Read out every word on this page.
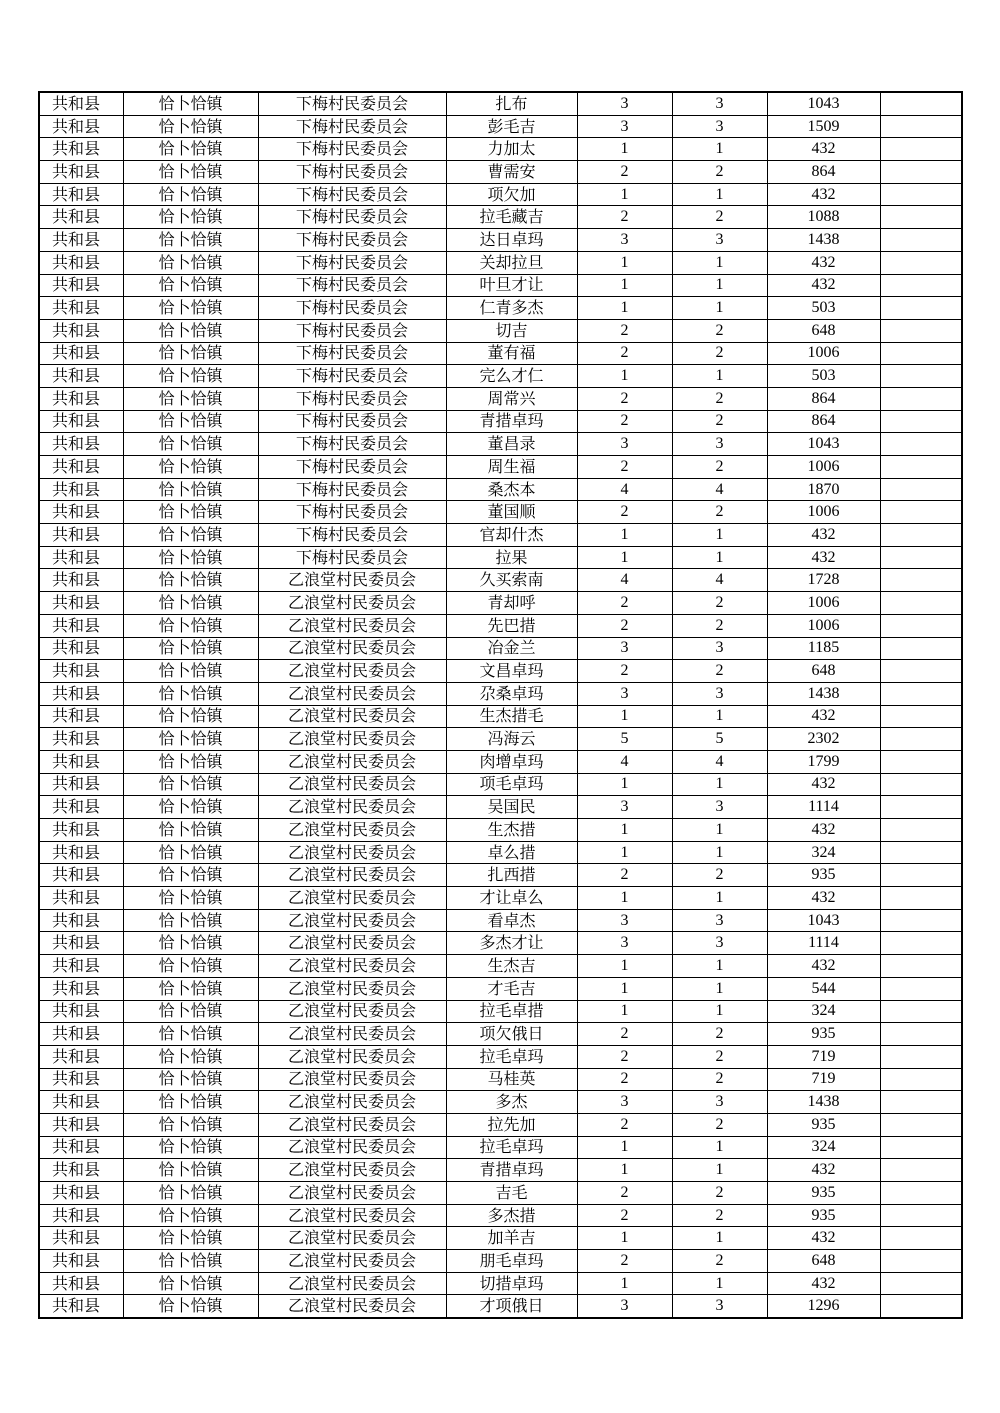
共和县	恰卜恰镇	下梅村民委员会	扎布	3	3	1043	
共和县	恰卜恰镇	下梅村民委员会	彭毛吉	3	3	1509	
共和县	恰卜恰镇	下梅村民委员会	力加太	1	1	432	
共和县	恰卜恰镇	下梅村民委员会	曹需安	2	2	864	
共和县	恰卜恰镇	下梅村民委员会	项欠加	1	1	432	
共和县	恰卜恰镇	下梅村民委员会	拉毛藏吉	2	2	1088	
共和县	恰卜恰镇	下梅村民委员会	达日卓玛	3	3	1438	
共和县	恰卜恰镇	下梅村民委员会	关却拉旦	1	1	432	
共和县	恰卜恰镇	下梅村民委员会	叶旦才让	1	1	432	
共和县	恰卜恰镇	下梅村民委员会	仁青多杰	1	1	503	
共和县	恰卜恰镇	下梅村民委员会	切吉	2	2	648	
共和县	恰卜恰镇	下梅村民委员会	董有福	2	2	1006	
共和县	恰卜恰镇	下梅村民委员会	完么才仁	1	1	503	
共和县	恰卜恰镇	下梅村民委员会	周常兴	2	2	864	
共和县	恰卜恰镇	下梅村民委员会	青措卓玛	2	2	864	
共和县	恰卜恰镇	下梅村民委员会	董昌录	3	3	1043	
共和县	恰卜恰镇	下梅村民委员会	周生福	2	2	1006	
共和县	恰卜恰镇	下梅村民委员会	桑杰本	4	4	1870	
共和县	恰卜恰镇	下梅村民委员会	董国顺	2	2	1006	
共和县	恰卜恰镇	下梅村民委员会	官却什杰	1	1	432	
共和县	恰卜恰镇	下梅村民委员会	拉果	1	1	432	
共和县	恰卜恰镇	乙浪堂村民委员会	久买索南	4	4	1728	
共和县	恰卜恰镇	乙浪堂村民委员会	青却呼	2	2	1006	
共和县	恰卜恰镇	乙浪堂村民委员会	先巴措	2	2	1006	
共和县	恰卜恰镇	乙浪堂村民委员会	冶金兰	3	3	1185	
共和县	恰卜恰镇	乙浪堂村民委员会	文昌卓玛	2	2	648	
共和县	恰卜恰镇	乙浪堂村民委员会	尕桑卓玛	3	3	1438	
共和县	恰卜恰镇	乙浪堂村民委员会	生杰措毛	1	1	432	
共和县	恰卜恰镇	乙浪堂村民委员会	冯海云	5	5	2302	
共和县	恰卜恰镇	乙浪堂村民委员会	肉增卓玛	4	4	1799	
共和县	恰卜恰镇	乙浪堂村民委员会	项毛卓玛	1	1	432	
共和县	恰卜恰镇	乙浪堂村民委员会	吴国民	3	3	1114	
共和县	恰卜恰镇	乙浪堂村民委员会	生杰措	1	1	432	
共和县	恰卜恰镇	乙浪堂村民委员会	卓么措	1	1	324	
共和县	恰卜恰镇	乙浪堂村民委员会	扎西措	2	2	935	
共和县	恰卜恰镇	乙浪堂村民委员会	才让卓么	1	1	432	
共和县	恰卜恰镇	乙浪堂村民委员会	看卓杰	3	3	1043	
共和县	恰卜恰镇	乙浪堂村民委员会	多杰才让	3	3	1114	
共和县	恰卜恰镇	乙浪堂村民委员会	生杰吉	1	1	432	
共和县	恰卜恰镇	乙浪堂村民委员会	才毛吉	1	1	544	
共和县	恰卜恰镇	乙浪堂村民委员会	拉毛卓措	1	1	324	
共和县	恰卜恰镇	乙浪堂村民委员会	项欠俄日	2	2	935	
共和县	恰卜恰镇	乙浪堂村民委员会	拉毛卓玛	2	2	719	
共和县	恰卜恰镇	乙浪堂村民委员会	马桂英	2	2	719	
共和县	恰卜恰镇	乙浪堂村民委员会	多杰	3	3	1438	
共和县	恰卜恰镇	乙浪堂村民委员会	拉先加	2	2	935	
共和县	恰卜恰镇	乙浪堂村民委员会	拉毛卓玛	1	1	324	
共和县	恰卜恰镇	乙浪堂村民委员会	青措卓玛	1	1	432	
共和县	恰卜恰镇	乙浪堂村民委员会	吉毛	2	2	935	
共和县	恰卜恰镇	乙浪堂村民委员会	多杰措	2	2	935	
共和县	恰卜恰镇	乙浪堂村民委员会	加羊吉	1	1	432	
共和县	恰卜恰镇	乙浪堂村民委员会	朋毛卓玛	2	2	648	
共和县	恰卜恰镇	乙浪堂村民委员会	切措卓玛	1	1	432	
共和县	恰卜恰镇	乙浪堂村民委员会	才项俄日	3	3	1296	
